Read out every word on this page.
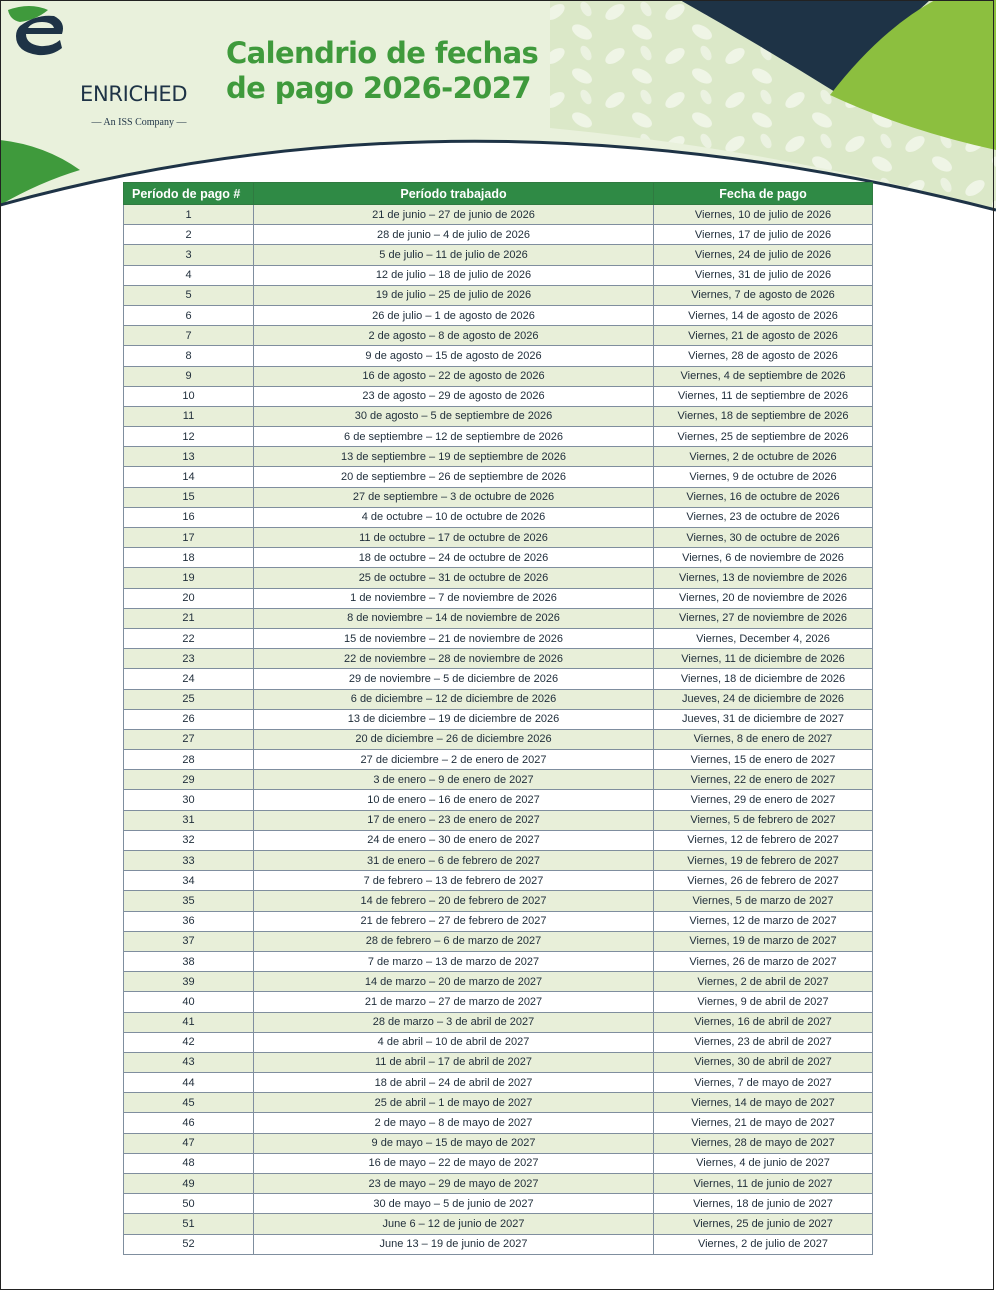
ENRICHED
— An ISS Company —
Calendrio de fechas
de pago 2026-2027
Período de pago #	Período trabajado	Fecha de pago
1	21 de junio – 27 de junio de 2026	Viernes, 10 de julio de 2026
2	28 de junio – 4 de julio de 2026	Viernes, 17 de julio de 2026
3	5 de julio – 11 de julio de 2026	Viernes, 24 de julio de 2026
4	12 de julio – 18 de julio de 2026	Viernes, 31 de julio de 2026
5	19 de julio – 25 de julio de 2026	Viernes, 7 de agosto de 2026
6	26 de julio – 1 de agosto de 2026	Viernes, 14 de agosto de 2026
7	2 de agosto – 8 de agosto de 2026	Viernes, 21 de agosto de 2026
8	9 de agosto – 15 de agosto de 2026	Viernes, 28 de agosto de 2026
9	16 de agosto – 22 de agosto de 2026	Viernes, 4 de septiembre de 2026
10	23 de agosto – 29 de agosto de 2026	Viernes, 11 de septiembre de 2026
11	30 de agosto – 5 de septiembre de 2026	Viernes, 18 de septiembre de 2026
12	6 de septiembre – 12 de septiembre de 2026	Viernes, 25 de septiembre de 2026
13	13 de septiembre – 19 de septiembre de 2026	Viernes, 2 de octubre de 2026
14	20 de septiembre – 26 de septiembre de 2026	Viernes, 9 de octubre de 2026
15	27 de septiembre – 3 de octubre de 2026	Viernes, 16 de octubre de 2026
16	4 de octubre – 10 de octubre de 2026	Viernes, 23 de octubre de 2026
17	11 de octubre – 17 de octubre de 2026	Viernes, 30 de octubre de 2026
18	18 de octubre – 24 de octubre de 2026	Viernes, 6 de noviembre de 2026
19	25 de octubre – 31 de octubre de 2026	Viernes, 13 de noviembre de 2026
20	1 de noviembre – 7 de noviembre de 2026	Viernes, 20 de noviembre de 2026
21	8 de noviembre – 14 de noviembre de 2026	Viernes, 27 de noviembre de 2026
22	15 de noviembre – 21 de noviembre de 2026	Viernes, December 4, 2026
23	22 de noviembre – 28 de noviembre de 2026	Viernes, 11 de diciembre de 2026
24	29 de noviembre – 5 de diciembre de 2026	Viernes, 18 de diciembre de 2026
25	6 de diciembre – 12 de diciembre de 2026	Jueves, 24 de diciembre de 2026
26	13 de diciembre – 19 de diciembre de 2026	Jueves, 31 de diciembre de 2027
27	20 de diciembre – 26 de diciembre 2026	Viernes, 8 de enero de 2027
28	27 de diciembre – 2 de enero de 2027	Viernes, 15 de enero de 2027
29	3 de enero – 9 de enero de 2027	Viernes, 22 de enero de 2027
30	10 de enero – 16 de enero de 2027	Viernes, 29 de enero de 2027
31	17 de enero – 23 de enero de 2027	Viernes, 5 de febrero de 2027
32	24 de enero – 30 de enero de 2027	Viernes, 12 de febrero de 2027
33	31 de enero – 6 de febrero de 2027	Viernes, 19 de febrero de 2027
34	7 de febrero – 13 de febrero de 2027	Viernes, 26 de febrero de 2027
35	14 de febrero – 20 de febrero de 2027	Viernes, 5 de marzo de 2027
36	21 de febrero – 27 de febrero de 2027	Viernes, 12 de marzo de 2027
37	28 de febrero – 6 de marzo de 2027	Viernes, 19 de marzo de 2027
38	7 de marzo – 13 de marzo de 2027	Viernes, 26 de marzo de 2027
39	14 de marzo – 20 de marzo de 2027	Viernes, 2 de abril de 2027
40	21 de marzo – 27 de marzo de 2027	Viernes, 9 de abril de 2027
41	28 de marzo – 3 de abril de 2027	Viernes, 16 de abril de 2027
42	4 de abril – 10 de abril de 2027	Viernes, 23 de abril de 2027
43	11 de abril – 17 de abril de 2027	Viernes, 30 de abril de 2027
44	18 de abril – 24 de abril de 2027	Viernes, 7 de mayo de 2027
45	25 de abril – 1 de mayo de 2027	Viernes, 14 de mayo de 2027
46	2 de mayo – 8 de mayo de 2027	Viernes, 21 de mayo de 2027
47	9 de mayo – 15 de mayo de 2027	Viernes, 28 de mayo de 2027
48	16 de mayo – 22 de mayo de 2027	Viernes, 4 de junio de 2027
49	23 de mayo – 29 de mayo de 2027	Viernes, 11 de junio de 2027
50	30 de mayo – 5 de junio de 2027	Viernes, 18 de junio de 2027
51	June 6 – 12 de junio de 2027	Viernes, 25 de junio de 2027
52	June 13 – 19 de junio de 2027	Viernes, 2 de julio de 2027
